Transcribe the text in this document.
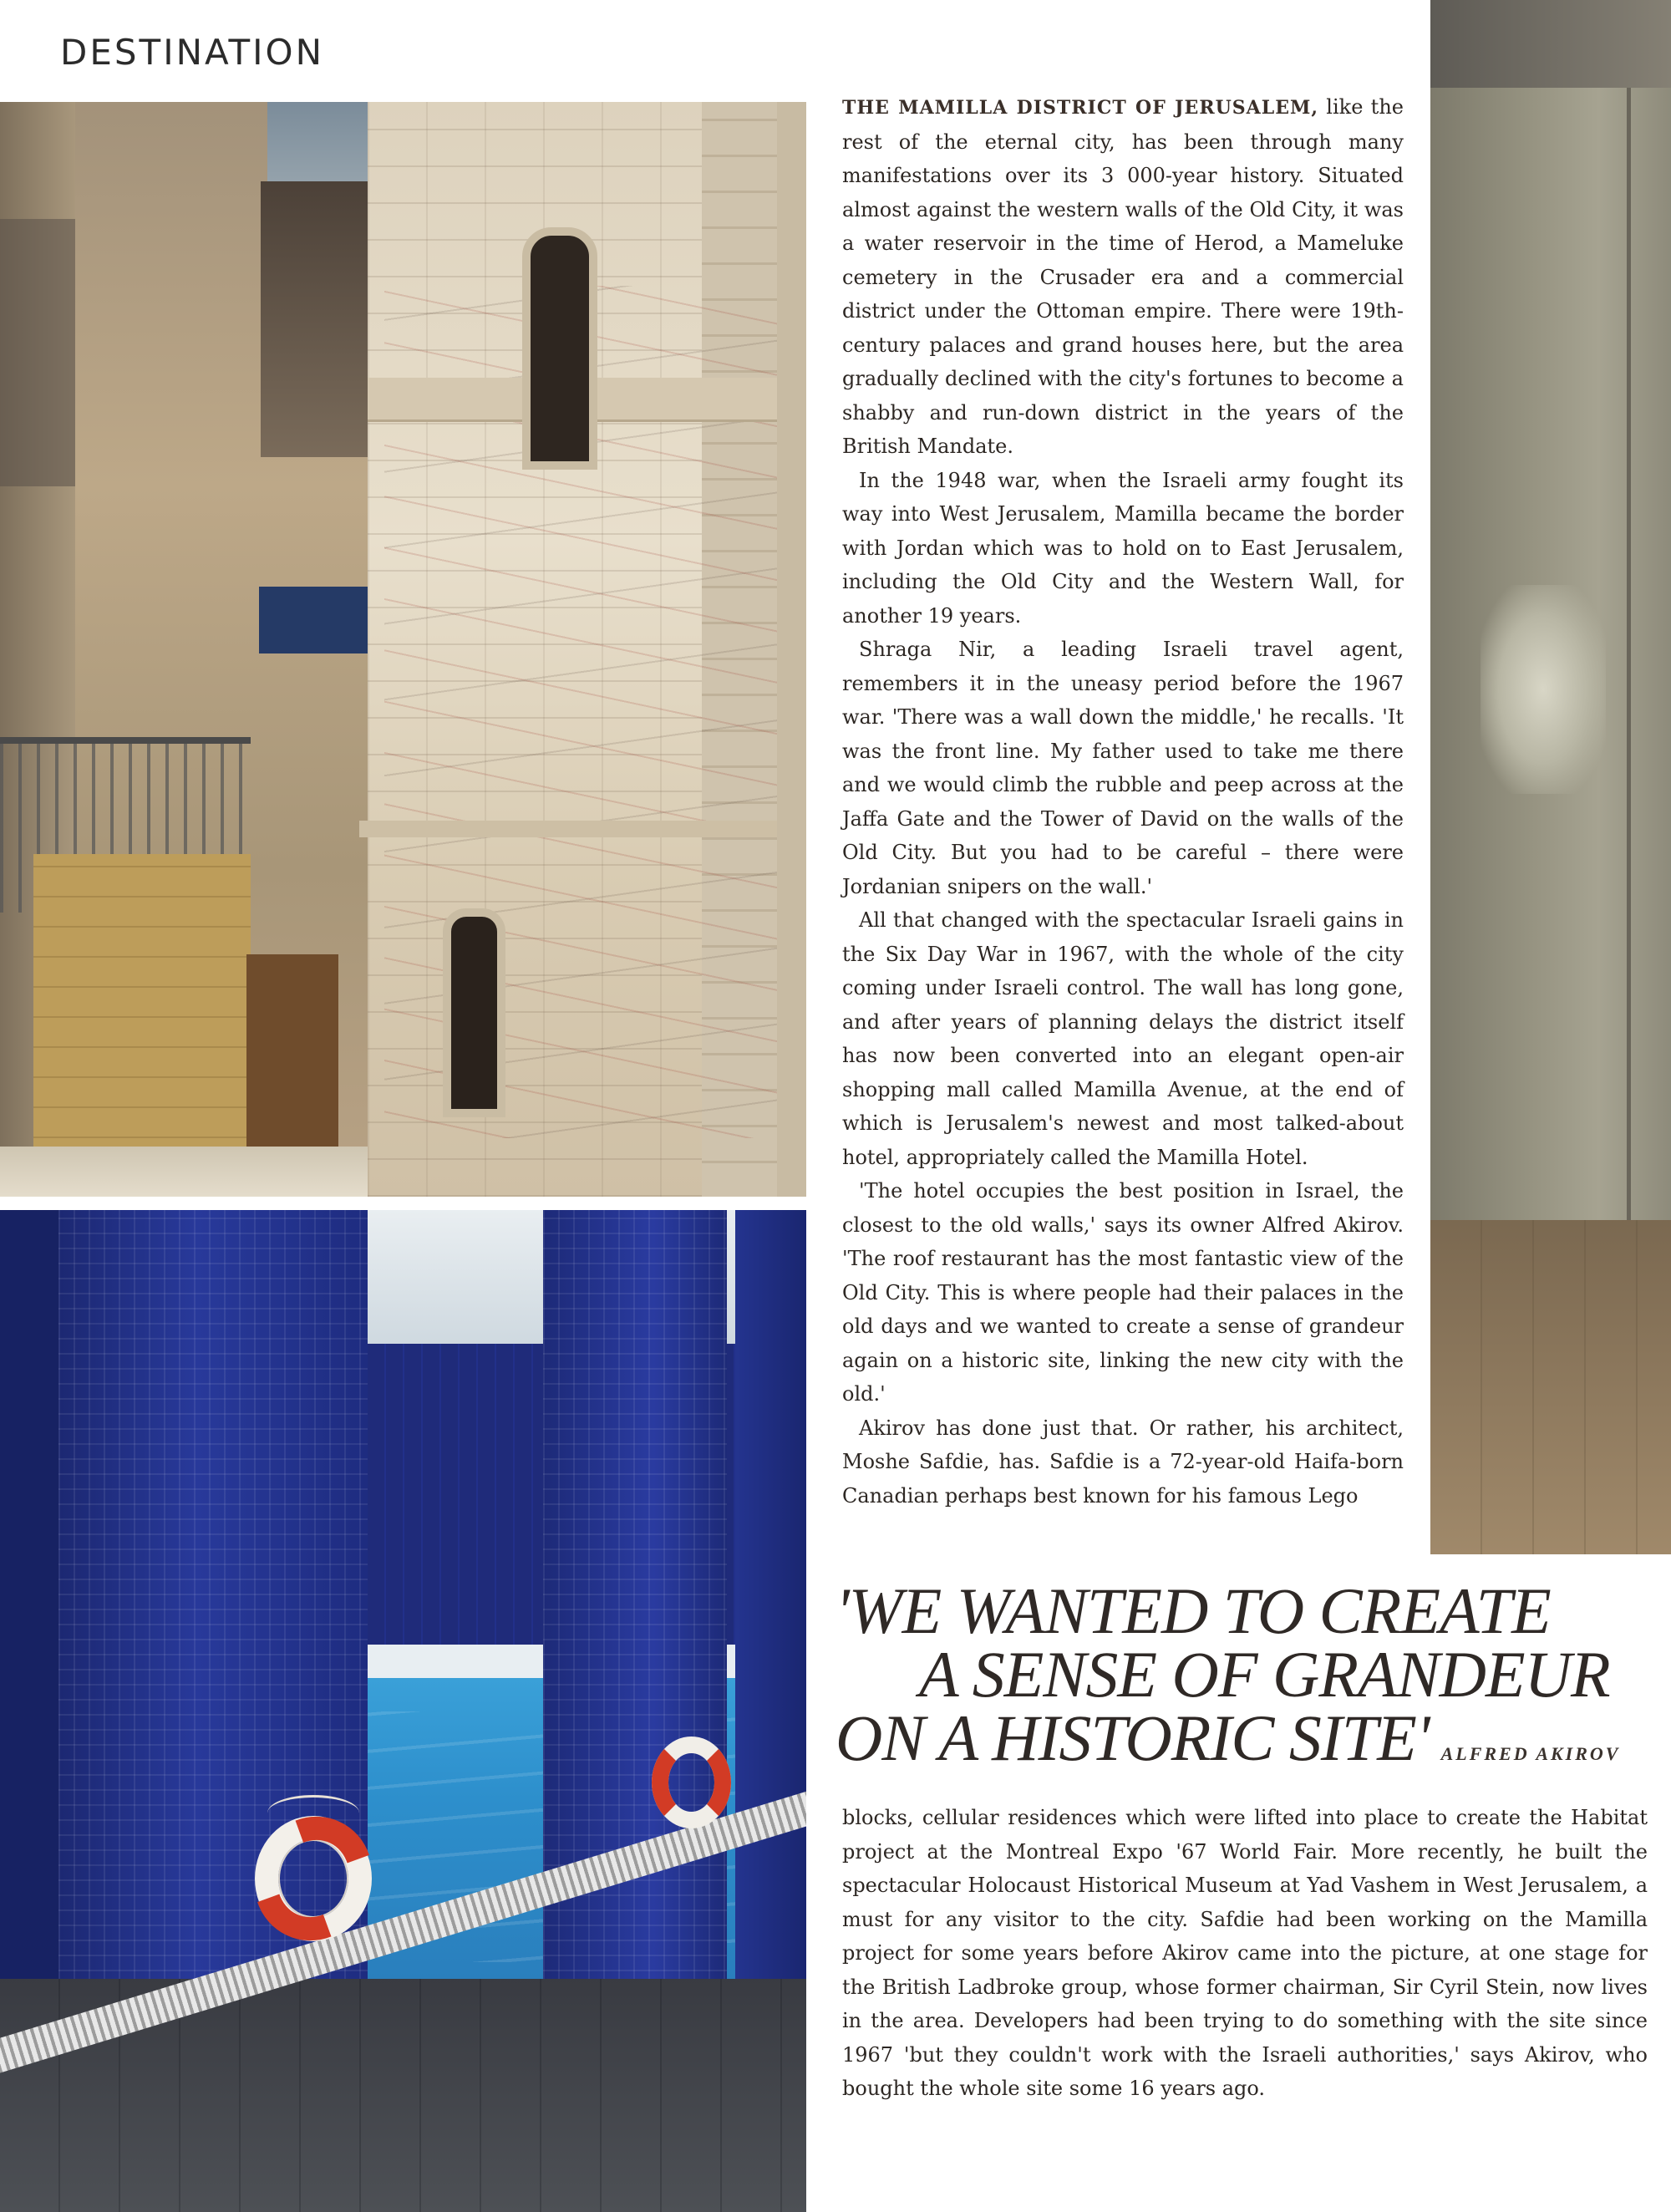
DESTINATION

THE MAMILLA DISTRICT OF JERUSALEM, like the rest of the eternal city, has been through many manifestations over its 3 000-year history. Situated almost against the western walls of the Old City, it was a water reservoir in the time of Herod, a Mameluke cemetery in the Crusader era and a commercial district under the Ottoman empire. There were 19th-century palaces and grand houses here, but the area gradually declined with the city's fortunes to become a shabby and run-down district in the years of the British Mandate.

In the 1948 war, when the Israeli army fought its way into West Jerusalem, Mamilla became the border with Jordan which was to hold on to East Jerusalem, including the Old City and the Western Wall, for another 19 years.

Shraga Nir, a leading Israeli travel agent, remembers it in the uneasy period before the 1967 war. 'There was a wall down the middle,' he recalls. 'It was the front line. My father used to take me there and we would climb the rubble and peep across at the Jaffa Gate and the Tower of David on the walls of the Old City. But you had to be careful – there were Jordanian snipers on the wall.'

All that changed with the spectacular Israeli gains in the Six Day War in 1967, with the whole of the city coming under Israeli control. The wall has long gone, and after years of planning delays the district itself has now been converted into an elegant open-air shopping mall called Mamilla Avenue, at the end of which is Jerusalem's newest and most talked-about hotel, appropriately called the Mamilla Hotel.

'The hotel occupies the best position in Israel, the closest to the old walls,' says its owner Alfred Akirov. 'The roof restaurant has the most fantastic view of the Old City. This is where people had their palaces in the old days and we wanted to create a sense of grandeur again on a historic site, linking the new city with the old.'

Akirov has done just that. Or rather, his architect, Moshe Safdie, has. Safdie is a 72-year-old Haifa-born Canadian perhaps best known for his famous Lego

'WE WANTED TO CREATE
A SENSE OF GRANDEUR
ON A HISTORIC SITE' ALFRED AKIROV

blocks, cellular residences which were lifted into place to create the Habitat project at the Montreal Expo '67 World Fair. More recently, he built the spectacular Holocaust Historical Museum at Yad Vashem in West Jerusalem, a must for any visitor to the city. Safdie had been working on the Mamilla project for some years before Akirov came into the picture, at one stage for the British Ladbroke group, whose former chairman, Sir Cyril Stein, now lives in the area. Developers had been trying to do something with the site since 1967 'but they couldn't work with the Israeli authorities,' says Akirov, who bought the whole site some 16 years ago.
